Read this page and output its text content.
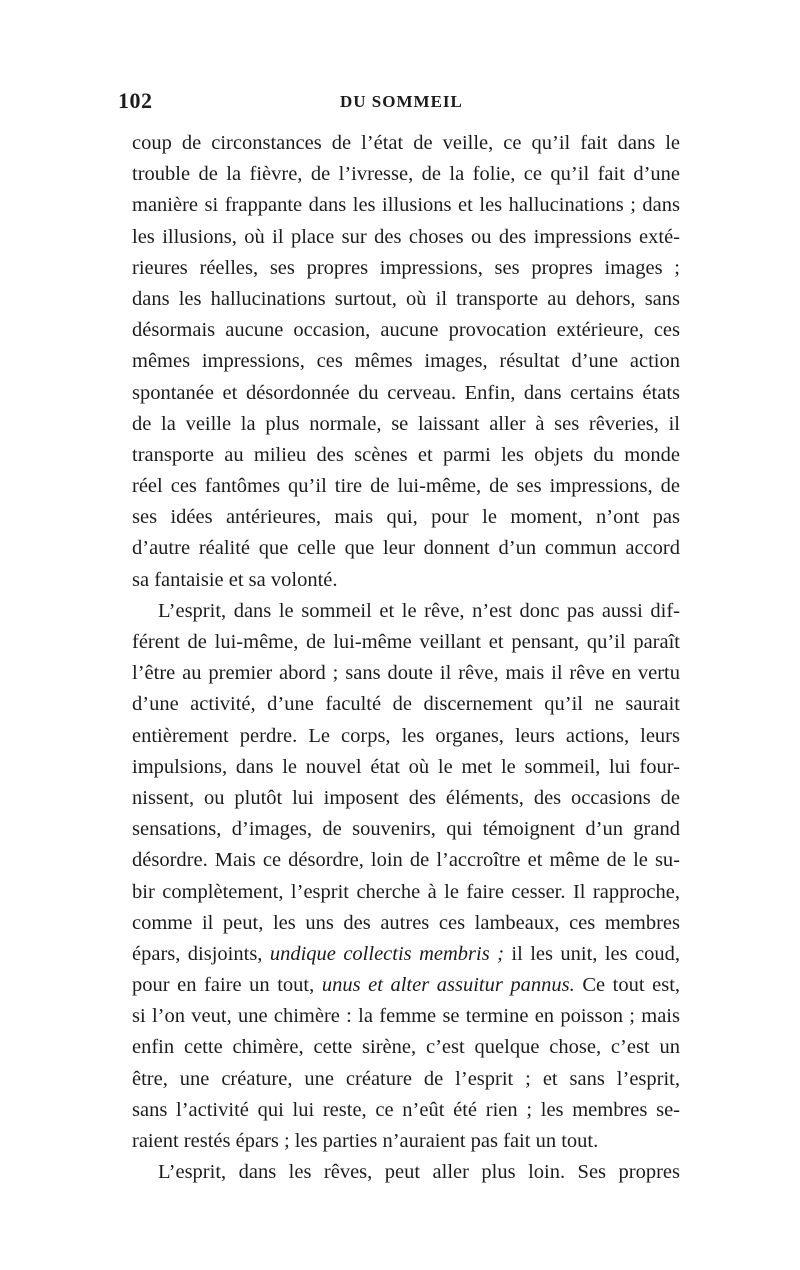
102	DU SOMMEIL
coup de circonstances de l’état de veille, ce qu’il fait dans le
trouble de la fièvre, de l’ivresse, de la folie, ce qu’il fait d’une
manière si frappante dans les illusions et les hallucinations ; dans
les illusions, où il place sur des choses ou des impressions exté-
rieures réelles, ses propres impressions, ses propres images ;
dans les hallucinations surtout, où il transporte au dehors, sans
désormais aucune occasion, aucune provocation extérieure, ces
mêmes impressions, ces mêmes images, résultat d’une action
spontanée et désordonnée du cerveau. Enfin, dans certains états
de la veille la plus normale, se laissant aller à ses rêveries, il
transporte au milieu des scènes et parmi les objets du monde
réel ces fantômes qu’il tire de lui-même, de ses impressions, de
ses idées antérieures, mais qui, pour le moment, n’ont pas
d’autre réalité que celle que leur donnent d’un commun accord
sa fantaisie et sa volonté.
L’esprit, dans le sommeil et le rêve, n’est donc pas aussi dif-
férent de lui-même, de lui-même veillant et pensant, qu’il paraît
l’être au premier abord ; sans doute il rêve, mais il rêve en vertu
d’une activité, d’une faculté de discernement qu’il ne saurait
entièrement perdre. Le corps, les organes, leurs actions, leurs
impulsions, dans le nouvel état où le met le sommeil, lui four-
nissent, ou plutôt lui imposent des éléments, des occasions de
sensations, d’images, de souvenirs, qui témoignent d’un grand
désordre. Mais ce désordre, loin de l’accroître et même de le su-
bir complètement, l’esprit cherche à le faire cesser. Il rapproche,
comme il peut, les uns des autres ces lambeaux, ces membres
épars, disjoints, undique collectis membris ; il les unit, les coud,
pour en faire un tout, unus et alter assuitur pannus. Ce tout est,
si l’on veut, une chimère : la femme se termine en poisson ; mais
enfin cette chimère, cette sirène, c’est quelque chose, c’est un
être, une créature, une créature de l’esprit ; et sans l’esprit,
sans l’activité qui lui reste, ce n’eût été rien ; les membres se-
raient restés épars ; les parties n’auraient pas fait un tout.
L’esprit, dans les rêves, peut aller plus loin. Ses propres
